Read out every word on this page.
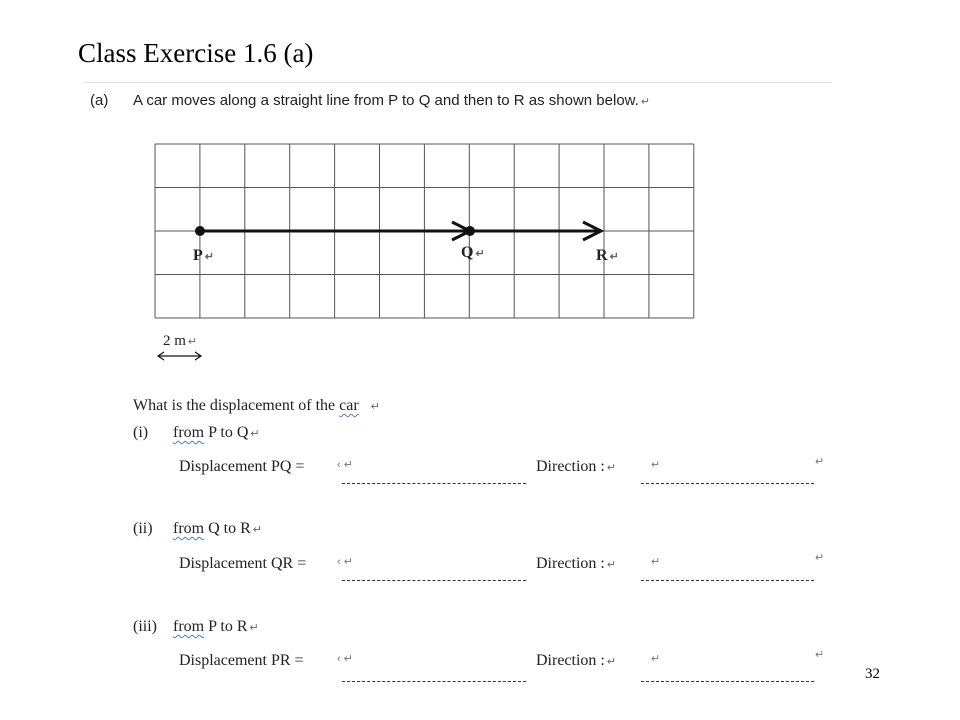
Class Exercise 1.6 (a)
(a) A car moves along a straight line from P to Q and then to R as shown below. ↵
P ↵	Q ↵	R ↵
2 m ↵
What is the displacement of the car ↵
(i) from P to Q ↵
Displacement PQ =	‹ ↵	Direction : ↵	↵	↵
(ii) from Q to R ↵
Displacement QR =	‹ ↵	Direction : ↵	↵	↵
(iii) from P to R ↵
Displacement PR =	‹ ↵	Direction : ↵	↵	↵
32
